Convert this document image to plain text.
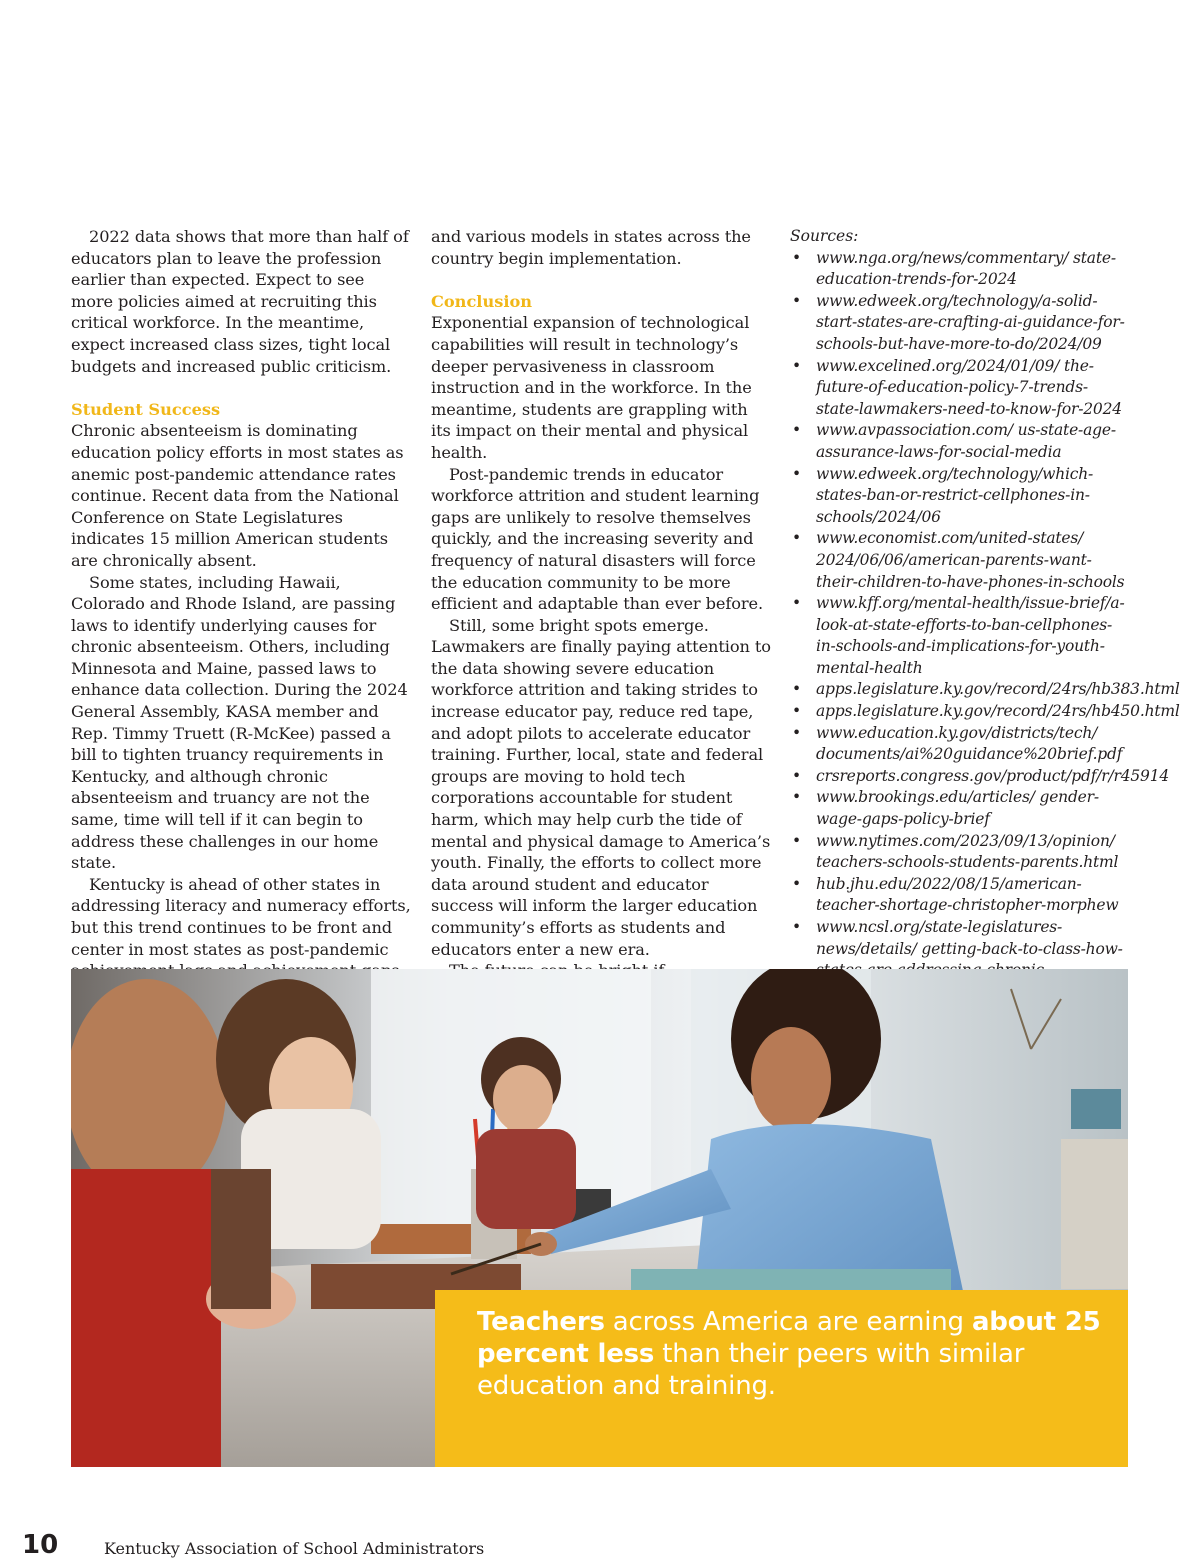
2022 data shows that more than half of educators plan to leave the profession earlier than expected. Expect to see more policies aimed at recruiting this critical workforce. In the meantime, expect increased class sizes, tight local budgets and increased public criticism.

Student Success

Chronic absenteeism is dominating education policy efforts in most states as anemic post-pandemic attendance rates continue. Recent data from the National Conference on State Legislatures indicates 15 million American students are chronically absent.

Some states, including Hawaii, Colorado and Rhode Island, are passing laws to identify underlying causes for chronic absenteeism. Others, including Minnesota and Maine, passed laws to enhance data collection. During the 2024 General Assembly, KASA member and Rep. Timmy Truett (R-McKee) passed a bill to tighten truancy requirements in Kentucky, and although chronic absenteeism and truancy are not the same, time will tell if it can begin to address these challenges in our home state.

Kentucky is ahead of other states in addressing literacy and numeracy efforts, but this trend continues to be front and center in most states as post-pandemic

and various models in states across the country begin implementation.

Conclusion

Exponential expansion of technological capabilities will result in technology’s deeper pervasiveness in classroom instruction and in the workforce. In the meantime, students are grappling with its impact on their mental and physical health.

Post-pandemic trends in educator workforce attrition and student learning gaps are unlikely to resolve themselves quickly, and the increasing severity and frequency of natural disasters will force the education community to be more efficient and adaptable than ever before.

Still, some bright spots emerge. Lawmakers are finally paying attention to the data showing severe education workforce attrition and taking strides to increase educator pay, reduce red tape, and adopt pilots to accelerate educator training. Further, local, state and federal groups are moving to hold tech corporations accountable for student harm, which may help curb the tide of mental and physical damage to America’s youth. Finally, the efforts to collect more data around student and educator success will inform the larger education community’s efforts as students and educators enter a new era.

Sources:
• www.nga.org/news/commentary/ state-education-trends-for-2024
• www.edweek.org/technology/a-solid-start-states-are-crafting-ai-guidance-for-schools-but-have-more-to-do/2024/09
• www.excelined.org/2024/01/09/ the-future-of-education-policy-7-trends-state-lawmakers-need-to-know-for-2024
• www.avpassociation.com/ us-state-age-assurance-laws-for-social-media
• www.edweek.org/technology/which-states-ban-or-restrict-cellphones-in-schools/2024/06
• www.economist.com/united-states/ 2024/06/06/american-parents-want-their-children-to-have-phones-in-schools
• www.kff.org/mental-health/issue-brief/a-look-at-state-efforts-to-ban-cellphones-in-schools-and-implications-for-youth-mental-health
• apps.legislature.ky.gov/record/24rs/hb383.html
• apps.legislature.ky.gov/record/24rs/hb450.html
• www.education.ky.gov/districts/tech/ documents/ai%20guidance%20brief.pdf
• crsreports.congress.gov/product/pdf/r/r45914
• www.brookings.edu/articles/ gender-wage-gaps-policy-brief
• www.nytimes.com/2023/09/13/opinion/ teachers-schools-students-parents.html
• hub.jhu.edu/2022/08/15/american-teacher-shortage-christopher-morphew
• www.ncsl.org/state-legislatures-news/details/ getting-back-to-class-how-

Teachers across America are earning about 25 percent less than their peers with similar education and training.

10	Kentucky Association of School Administrators
